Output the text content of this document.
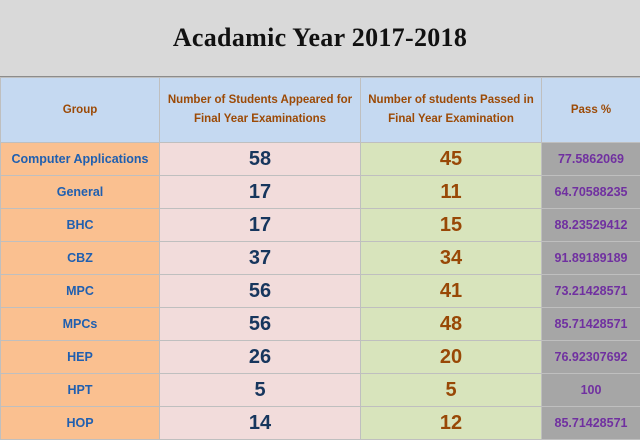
Acadamic Year 2017-2018
Group	Number of Students Appeared for Final Year Examinations	Number of students Passed in Final Year Examination	Pass %
Computer Applications	58	45	77.5862069
General	17	11	64.70588235
BHC	17	15	88.23529412
CBZ	37	34	91.89189189
MPC	56	41	73.21428571
MPCs	56	48	85.71428571
HEP	26	20	76.92307692
HPT	5	5	100
HOP	14	12	85.71428571
